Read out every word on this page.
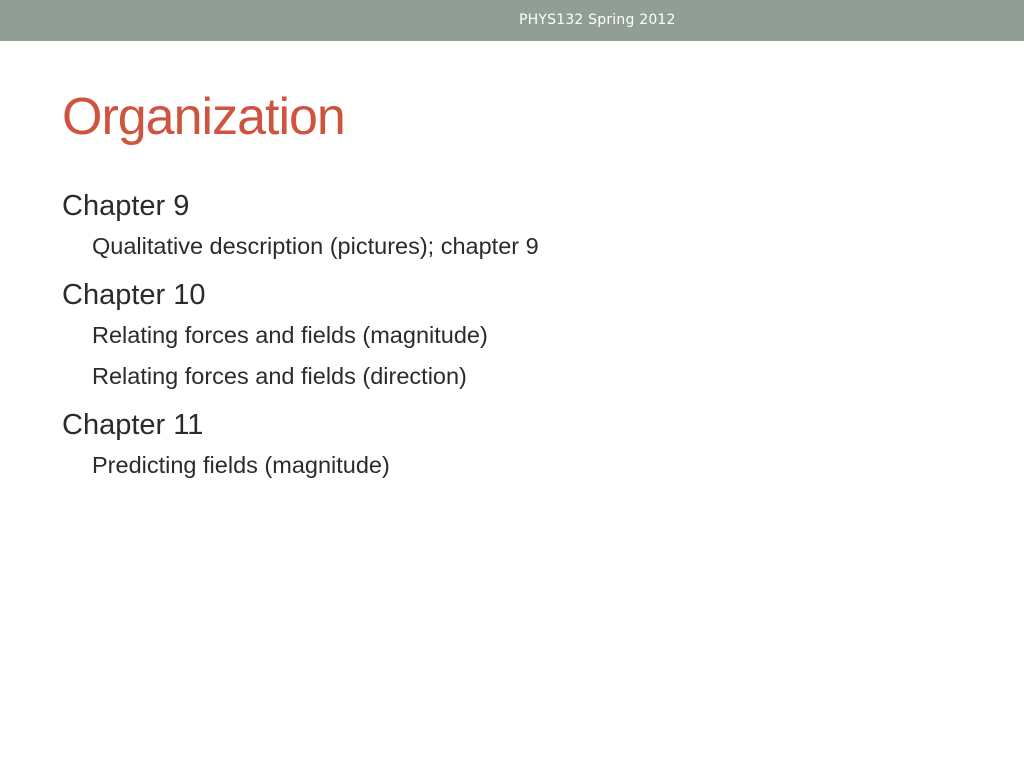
PHYS132 Spring 2012
Organization
Chapter 9
Qualitative description (pictures); chapter 9
Chapter 10
Relating forces and fields (magnitude)
Relating forces and fields (direction)
Chapter 11
Predicting fields (magnitude)
